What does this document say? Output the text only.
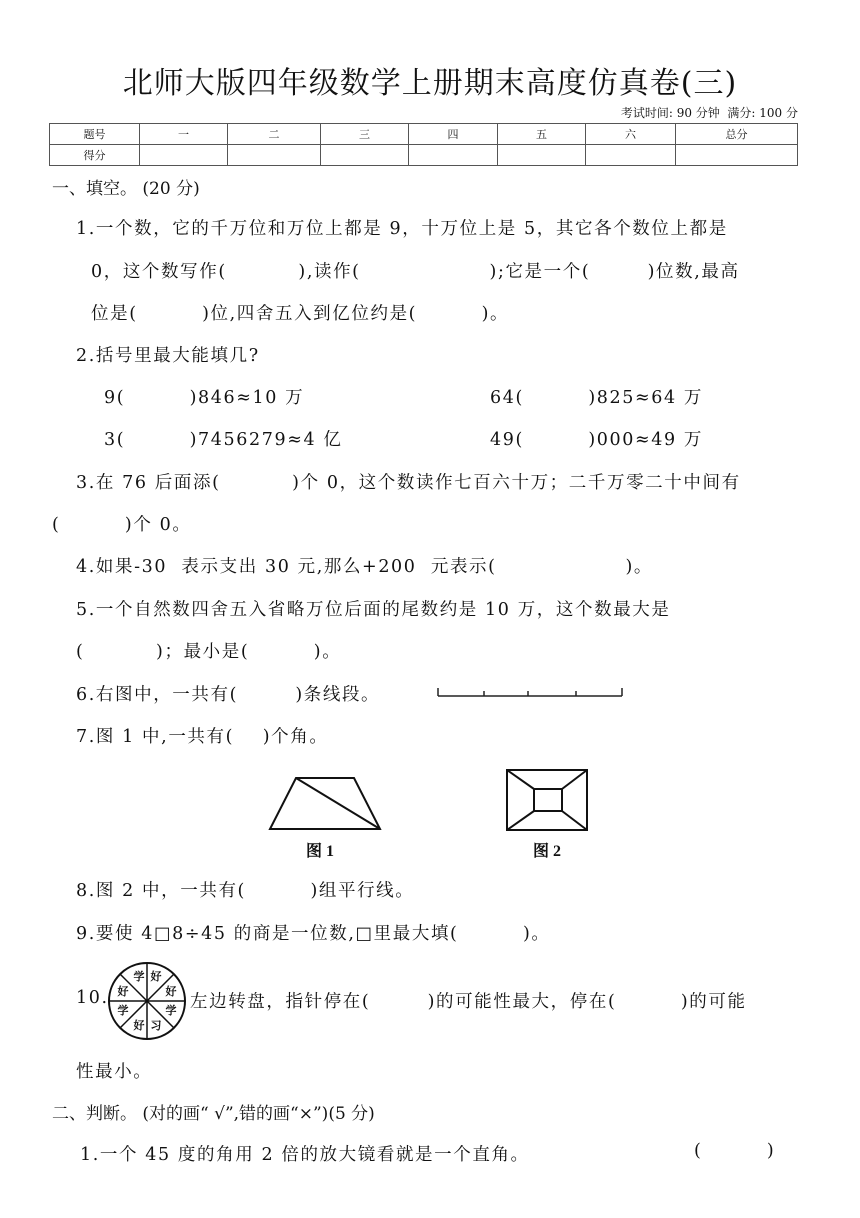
北师大版四年级数学上册期末高度仿真卷(三)
考试时间: 90 分钟  满分: 100 分
题号	一	二	三	四	五	六	总分
得分							
一、填空。 (20 分)
1.一个数，它的千万位和万位上都是 9，十万位上是 5，其它各个数位上都是
0，这个数写作(          ),读作(                  );它是一个(        )位数,最高
位是(         )位,四舍五入到亿位约是(         )。
2.括号里最大能填几?
9(         )846≈10 万	64(         )825≈64 万
3(         )7456279≈4 亿	49(         )000≈49 万
3.在 76 后面添(          )个 0，这个数读作七百六十万；二千万零二十中间有
(         )个 0。
4.如果-30  表示支出 30 元,那么+200  元表示(                  )。
5.一个自然数四舍五入省略万位后面的尾数约是 10 万，这个数最大是
(          )；最小是(         )。
6.右图中，一共有(        )条线段。
7.图 1 中,一共有(    )个角。
图 1	图 2
8.图 2 中，一共有(         )组平行线。
9.要使 4□8÷45 的商是一位数,□里最大填(         )。
10.
学 好
好
学
习
好
学
好
左边转盘，指针停在(        )的可能性最大，停在(         )的可能
性最小。
二、判断。 (对的画“ √”,错的画“×”)(5 分)
1.一个 45 度的角用 2 倍的放大镜看就是一个直角。	(         )
